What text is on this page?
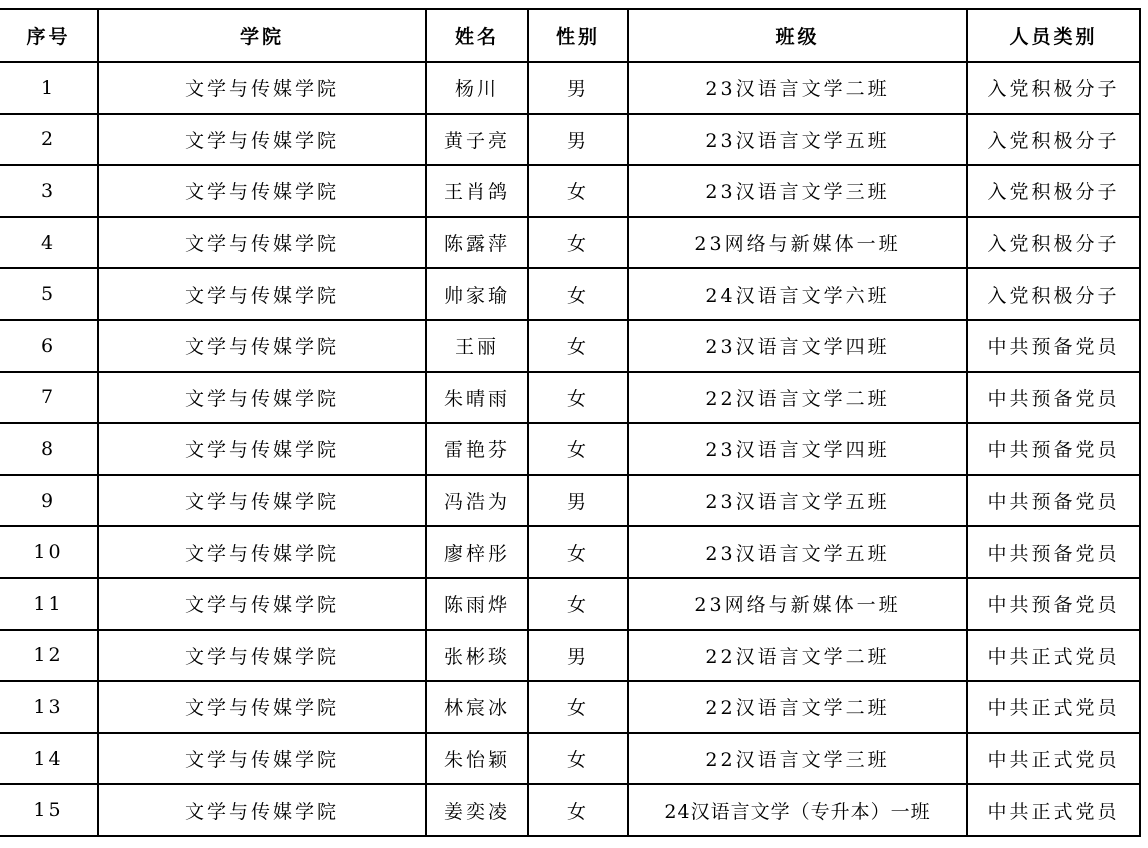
序号	学院	姓名	性别	班级	人员类别
1	文学与传媒学院	杨川	男	23汉语言文学二班	入党积极分子
2	文学与传媒学院	黄子亮	男	23汉语言文学五班	入党积极分子
3	文学与传媒学院	王肖鸽	女	23汉语言文学三班	入党积极分子
4	文学与传媒学院	陈露萍	女	23网络与新媒体一班	入党积极分子
5	文学与传媒学院	帅家瑜	女	24汉语言文学六班	入党积极分子
6	文学与传媒学院	王丽	女	23汉语言文学四班	中共预备党员
7	文学与传媒学院	朱晴雨	女	22汉语言文学二班	中共预备党员
8	文学与传媒学院	雷艳芬	女	23汉语言文学四班	中共预备党员
9	文学与传媒学院	冯浩为	男	23汉语言文学五班	中共预备党员
10	文学与传媒学院	廖梓彤	女	23汉语言文学五班	中共预备党员
11	文学与传媒学院	陈雨烨	女	23网络与新媒体一班	中共预备党员
12	文学与传媒学院	张彬琰	男	22汉语言文学二班	中共正式党员
13	文学与传媒学院	林宸冰	女	22汉语言文学二班	中共正式党员
14	文学与传媒学院	朱怡颖	女	22汉语言文学三班	中共正式党员
15	文学与传媒学院	姜奕凌	女	24汉语言文学（专升本）一班	中共正式党员
